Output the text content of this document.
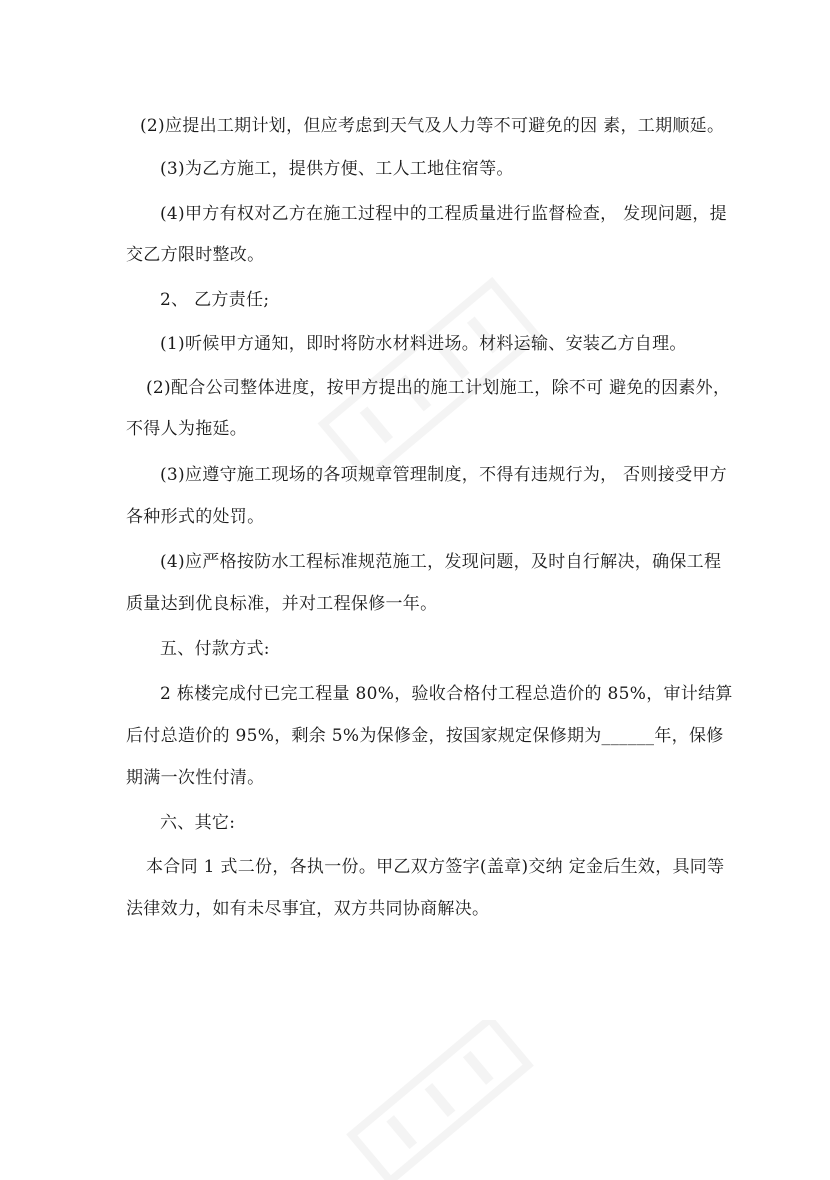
(2)应提出工期计划，但应考虑到天气及人力等不可避免的因 素，工期顺延。
(3)为乙方施工，提供方便、工人工地住宿等。
(4)甲方有权对乙方在施工过程中的工程质量进行监督检查， 发现问题，提
交乙方限时整改。
2、 乙方责任;
(1)听候甲方通知，即时将防水材料进场。材料运输、安装乙方自理。
(2)配合公司整体进度，按甲方提出的施工计划施工，除不可 避免的因素外，
不得人为拖延。
(3)应遵守施工现场的各项规章管理制度，不得有违规行为， 否则接受甲方
各种形式的处罚。
(4)应严格按防水工程标准规范施工，发现问题，及时自行解决，确保工程
质量达到优良标准，并对工程保修一年。
五、付款方式:
2 栋楼完成付已完工程量 80%，验收合格付工程总造价的 85%，审计结算
后付总造价的 95%，剩余 5%为保修金，按国家规定保修期为______年，保修
期满一次性付清。
六、其它:
本合同 1 式二份，各执一份。甲乙双方签字(盖章)交纳 定金后生效，具同等
法律效力，如有未尽事宜，双方共同协商解决。
